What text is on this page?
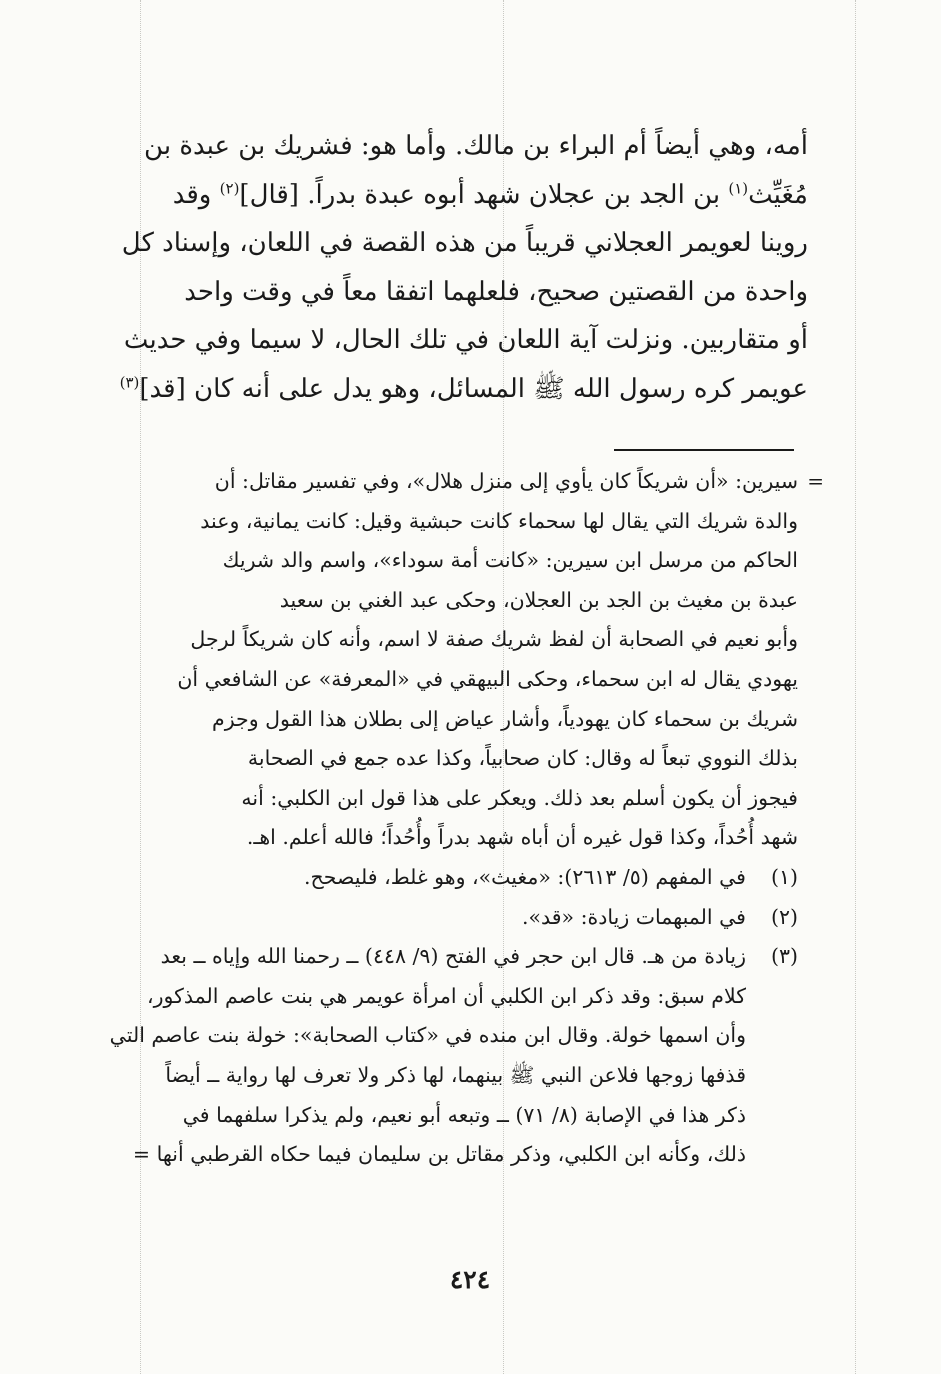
أمه، وهي أيضاً أم البراء بن مالك. وأما هو: فشريك بن عبدة بن

مُغَيِّث$^{(١)}$ بن الجد بن عجلان شهد أبوه عبدة بدراً. [قال]$^{(٢)}$ وقد

روينا لعويمر العجلاني قريباً من هذه القصة في اللعان، وإسناد كل

واحدة من القصتين صحيح، فلعلهما اتفقا معاً في وقت واحد

أو متقاربين. ونزلت آية اللعان في تلك الحال، لا سيما وفي حديث

عويمر كره رسول الله ﷺ المسائل، وهو يدل على أنه كان [قد]$^{(٣)}$

=

سيرين: «أن شريكاً كان يأوي إلى منزل هلال»، وفي تفسير مقاتل: أن

والدة شريك التي يقال لها سحماء كانت حبشية وقيل: كانت يمانية، وعند

الحاكم من مرسل ابن سيرين: «كانت أمة سوداء»، واسم والد شريك

عبدة بن مغيث بن الجد بن العجلان، وحكى عبد الغني بن سعيد

وأبو نعيم في الصحابة أن لفظ شريك صفة لا اسم، وأنه كان شريكاً لرجل

يهودي يقال له ابن سحماء، وحكى البيهقي في «المعرفة» عن الشافعي أن

شريك بن سحماء كان يهودياً، وأشار عياض إلى بطلان هذا القول وجزم

بذلك النووي تبعاً له وقال: كان صحابياً، وكذا عده جمع في الصحابة

فيجوز أن يكون أسلم بعد ذلك. ويعكر على هذا قول ابن الكلبي: أنه

شهد أُحُداً، وكذا قول غيره أن أباه شهد بدراً وأُحُداً؛ فالله أعلم. اهـ.

(١)
في المفهم (٥/ ٢٦١٣): «مغيث»، وهو غلط، فليصحح.
(٢)
في المبهمات زيادة: «قد».
(٣)

زيادة من هـ. قال ابن حجر في الفتح (٩/ ٤٤٨) ــ رحمنا الله وإياه ــ بعد

كلام سبق: وقد ذكر ابن الكلبي أن امرأة عويمر هي بنت عاصم المذكور،

وأن اسمها خولة. وقال ابن منده في «كتاب الصحابة»: خولة بنت عاصم التي

قذفها زوجها فلاعن النبي ﷺ بينهما، لها ذكر ولا تعرف لها رواية ــ أيضاً

ذكر هذا في الإصابة (٨/ ٧١) ــ وتبعه أبو نعيم، ولم يذكرا سلفهما في

ذلك، وكأنه ابن الكلبي، وذكر مقاتل بن سليمان فيما حكاه القرطبي أنها =

٤٢٤
